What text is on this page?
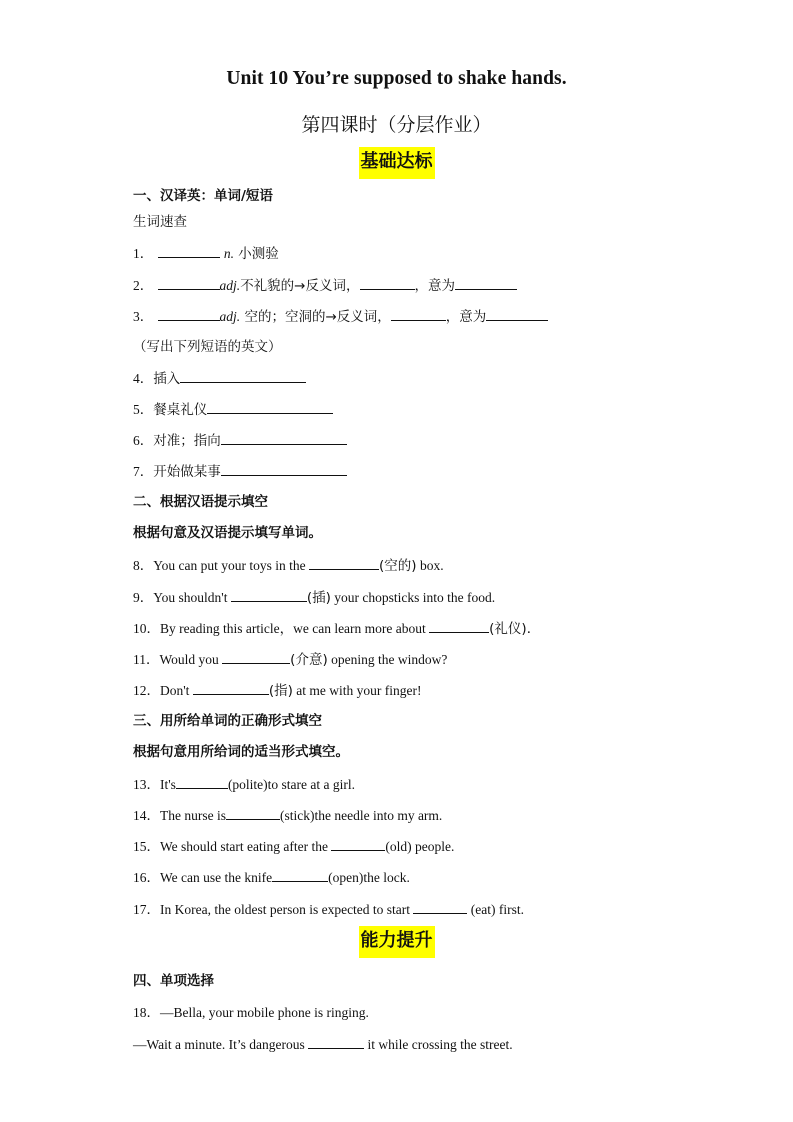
Unit 10 You’re supposed to shake hands.
第四课时（分层作业）
基础达标
一、汉译英：单词/短语
生词速查
1．	n. 小测验
2．	adj.不礼貌的→反义词，	，意为
3．	adj. 空的；空洞的→反义词，	，意为
（写出下列短语的英文）
4．插入
5．餐桌礼仪
6．对准；指向
7．开始做某事
二、根据汉语提示填空
根据句意及汉语提示填写单词。
8．You can put your toys in the	(空的) box.
9．You shouldn't	(插) your chopsticks into the food.
10．By reading this article，we can learn more about	(礼仪)．
11．Would you	(介意) opening the window?
12．Don't	(指) at me with your finger!
三、用所给单词的正确形式填空
根据句意用所给词的适当形式填空。
13．It's	(polite)to stare at a girl.
14．The nurse is	(stick)the needle into my arm.
15．We should start eating after the	(old) people.
16．We can use the knife	(open)the lock.
17．In Korea, the oldest person is expected to start	(eat) first.
能力提升
四、单项选择
18．—Bella, your mobile phone is ringing.
—Wait a minute. It’s dangerous	it while crossing the street.
